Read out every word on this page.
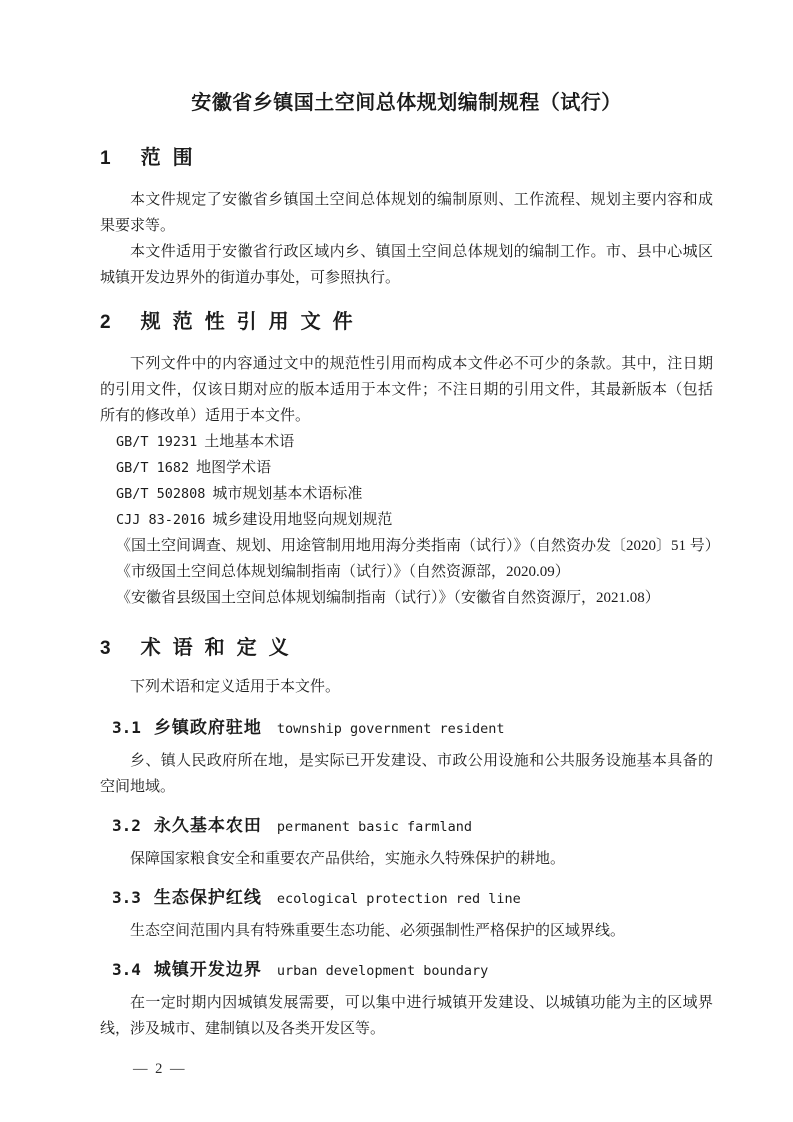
安徽省乡镇国土空间总体规划编制规程（试行）
1 范围

本文件规定了安徽省乡镇国土空间总体规划的编制原则、工作流程、规划主要内容和成果要求等。

本文件适用于安徽省行政区域内乡、镇国土空间总体规划的编制工作。市、县中心城区城镇开发边界外的街道办事处，可参照执行。

2 规范性引用文件

下列文件中的内容通过文中的规范性引用而构成本文件必不可少的条款。其中，注日期的引用文件，仅该日期对应的版本适用于本文件；不注日期的引用文件，其最新版本（包括所有的修改单）适用于本文件。

GB/T 19231 土地基本术语
GB/T 1682 地图学术语
GB/T 502808 城市规划基本术语标准
CJJ 83-2016 城乡建设用地竖向规划规范
《国土空间调查、规划、用途管制用地用海分类指南（试行）》（自然资办发〔2020〕51 号）
《市级国土空间总体规划编制指南（试行）》（自然资源部，2020.09）
《安徽省县级国土空间总体规划编制指南（试行）》（安徽省自然资源厅，2021.08）
3 术语和定义

下列术语和定义适用于本文件。

3.1 乡镇政府驻地 township government resident

乡、镇人民政府所在地，是实际已开发建设、市政公用设施和公共服务设施基本具备的空间地域。

3.2 永久基本农田 permanent basic farmland

保障国家粮食安全和重要农产品供给，实施永久特殊保护的耕地。

3.3 生态保护红线 ecological protection red line

生态空间范围内具有特殊重要生态功能、必须强制性严格保护的区域界线。

3.4 城镇开发边界 urban development boundary

在一定时期内因城镇发展需要，可以集中进行城镇开发建设、以城镇功能为主的区域界线，涉及城市、建制镇以及各类开发区等。

— 2 —
